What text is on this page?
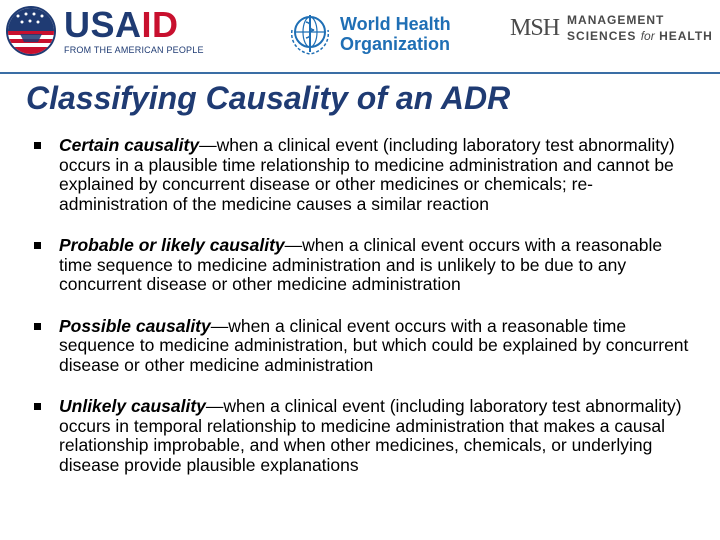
USAID
FROM THE AMERICAN PEOPLE
World Health
Organization
MSH MANAGEMENT
SCIENCES for HEALTH
Classifying Causality of an ADR
Certain causality—when a clinical event (including laboratory test abnormality) occurs in a plausible time relationship to medicine administration and cannot be explained by concurrent disease or other medicines or chemicals; re-administration of the medicine causes a similar reaction
Probable or likely causality—when a clinical event occurs with a reasonable time sequence to medicine administration and is unlikely to be due to any concurrent disease or other medicine administration
Possible causality—when a clinical event occurs with a reasonable time sequence to medicine administration, but which could be explained by concurrent disease or other medicine administration
Unlikely causality—when a clinical event (including laboratory test abnormality) occurs in temporal relationship to medicine administration that makes a causal relationship improbable, and when other medicines, chemicals, or underlying disease provide plausible explanations
